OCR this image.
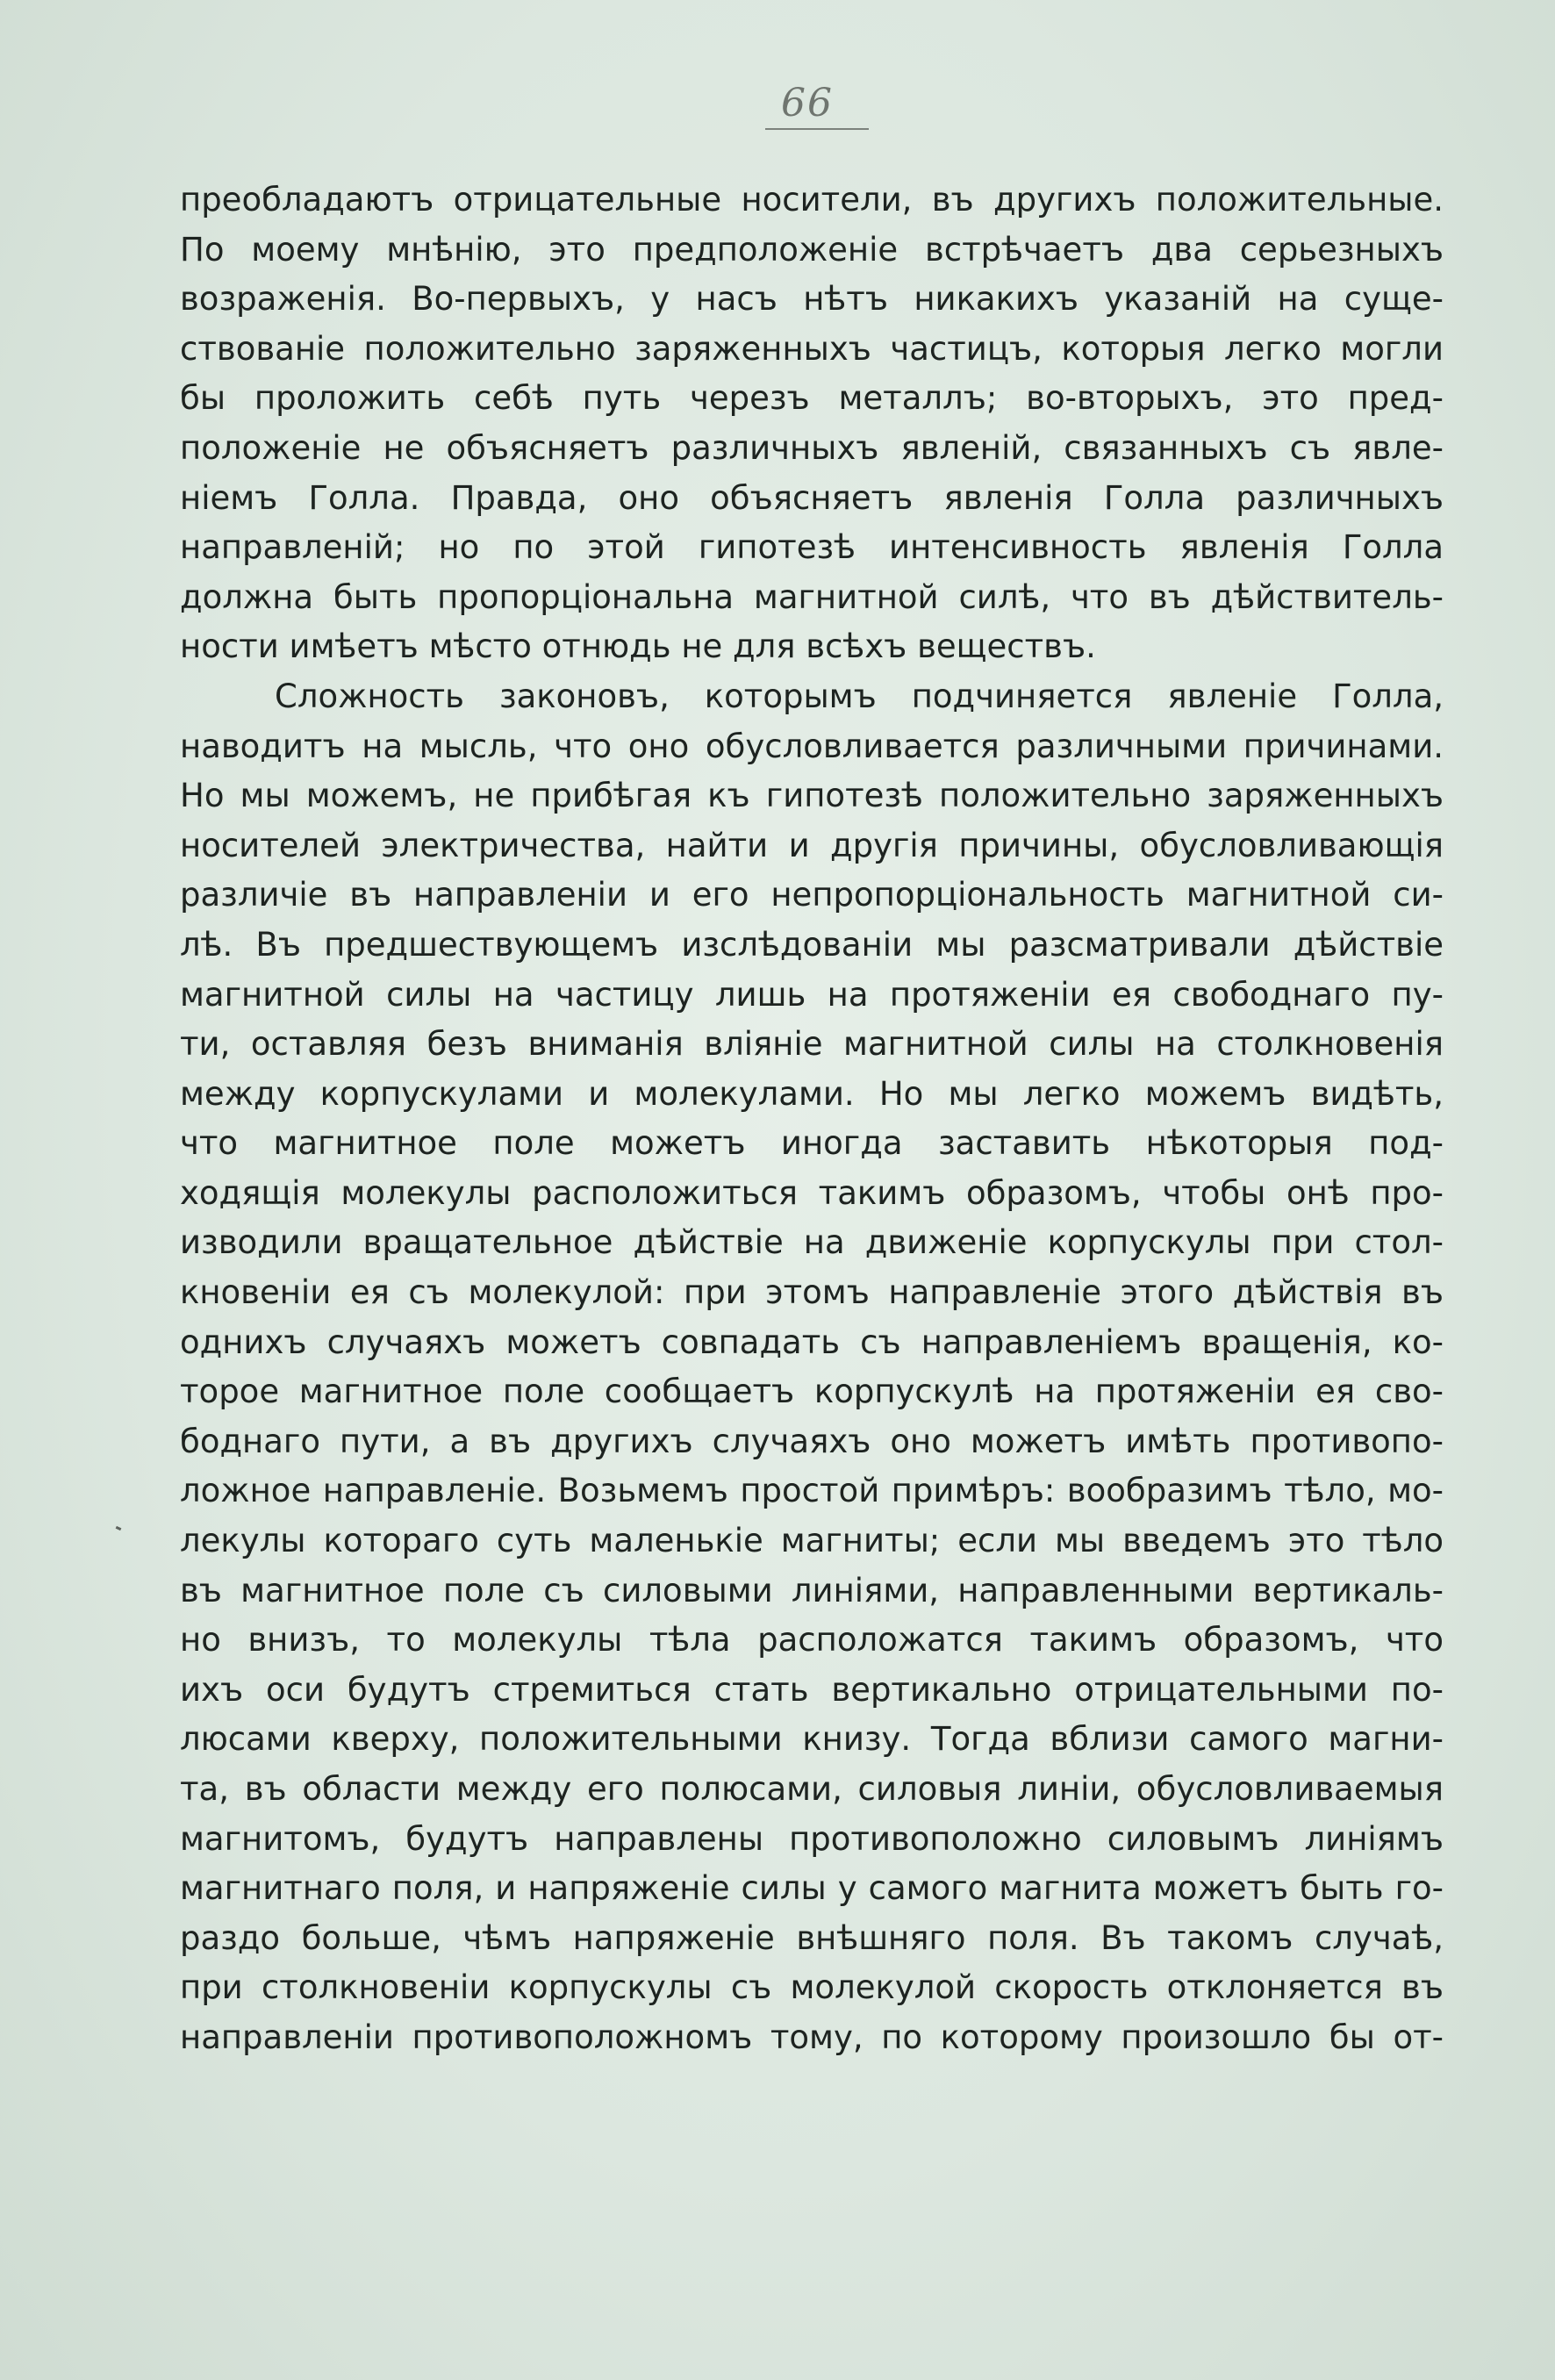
66
преобладаютъ отрицательные носители, въ другихъ положительные.
По моему мнѣнію, это предположеніе встрѣчаетъ два серьезныхъ
возраженія. Во-первыхъ, у насъ нѣтъ никакихъ указаній на суще-
ствованіе положительно заряженныхъ частицъ, которыя легко могли
бы проложить себѣ путь черезъ металлъ; во-вторыхъ, это пред-
положеніе не объясняетъ различныхъ явленій, связанныхъ съ явле-
ніемъ Голла. Правда, оно объясняетъ явленія Голла различныхъ
направленій; но по этой гипотезѣ интенсивность явленія Голла
должна быть пропорціональна магнитной силѣ, что въ дѣйствитель-
ности имѣетъ мѣсто отнюдь не для всѣхъ веществъ.
Сложность законовъ, которымъ подчиняется явленіе Голла,
наводитъ на мысль, что оно обусловливается различными причинами.
Но мы можемъ, не прибѣгая къ гипотезѣ положительно заряженныхъ
носителей электричества, найти и другія причины, обусловливающія
различіе въ направленіи и его непропорціональность магнитной си-
лѣ. Въ предшествующемъ изслѣдованіи мы разсматривали дѣйствіе
магнитной силы на частицу лишь на протяженіи ея свободнаго пу-
ти, оставляя безъ вниманія вліяніе магнитной силы на столкновенія
между корпускулами и молекулами. Но мы легко можемъ видѣть,
что магнитное поле можетъ иногда заставить нѣкоторыя под-
ходящія молекулы расположиться такимъ образомъ, чтобы онѣ про-
изводили вращательное дѣйствіе на движеніе корпускулы при стол-
кновеніи ея съ молекулой: при этомъ направленіе этого дѣйствія въ
однихъ случаяхъ можетъ совпадать съ направленіемъ вращенія, ко-
торое магнитное поле сообщаетъ корпускулѣ на протяженіи ея сво-
боднаго пути, а въ другихъ случаяхъ оно можетъ имѣть противопо-
ложное направленіе. Возьмемъ простой примѣръ: вообразимъ тѣло, мо-
лекулы котораго суть маленькіе магниты; если мы введемъ это тѣло
въ магнитное поле съ силовыми линіями, направленными вертикаль-
но внизъ, то молекулы тѣла расположатся такимъ образомъ, что
ихъ оси будутъ стремиться стать вертикально отрицательными по-
люсами кверху, положительными книзу. Тогда вблизи самого магни-
та, въ области между его полюсами, силовыя линіи, обусловливаемыя
магнитомъ, будутъ направлены противоположно силовымъ линіямъ
магнитнаго поля, и напряженіе силы у самого магнита можетъ быть го-
раздо больше, чѣмъ напряженіе внѣшняго поля. Въ такомъ случаѣ,
при столкновеніи корпускулы съ молекулой скорость отклоняется въ
направленіи противоположномъ тому, по которому произошло бы от-
